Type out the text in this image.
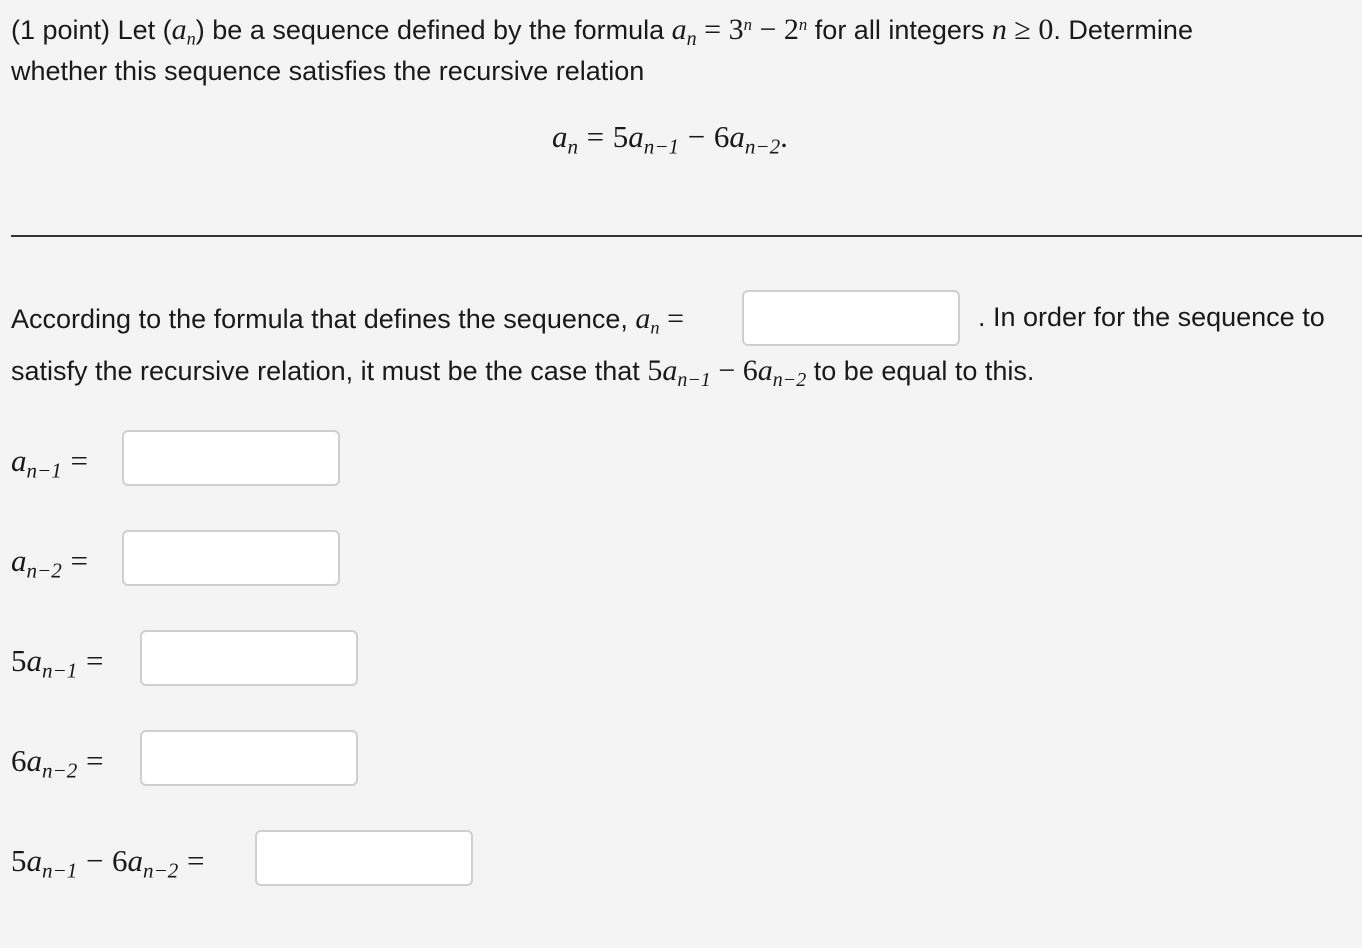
(1 point) Let $(a_n)$ be a sequence defined by the formula $a_n = 3^n - 2^n$ for all integers n ≥ 0. Determine
whether this sequence satisfies the recursive relation
$a_n = 5a_{n-1} - 6a_{n-2}$.
According to the formula that defines the sequence, $a_n$ =	. In order for the sequence to
satisfy the recursive relation, it must be the case that $5a_{n-1} - 6a_{n-2}$ to be equal to this.
$a_{n-1}$ =
$a_{n-2}$ =
$5a_{n-1}$ =
$6a_{n-2}$ =
$5a_{n-1} - 6a_{n-2}$ =
